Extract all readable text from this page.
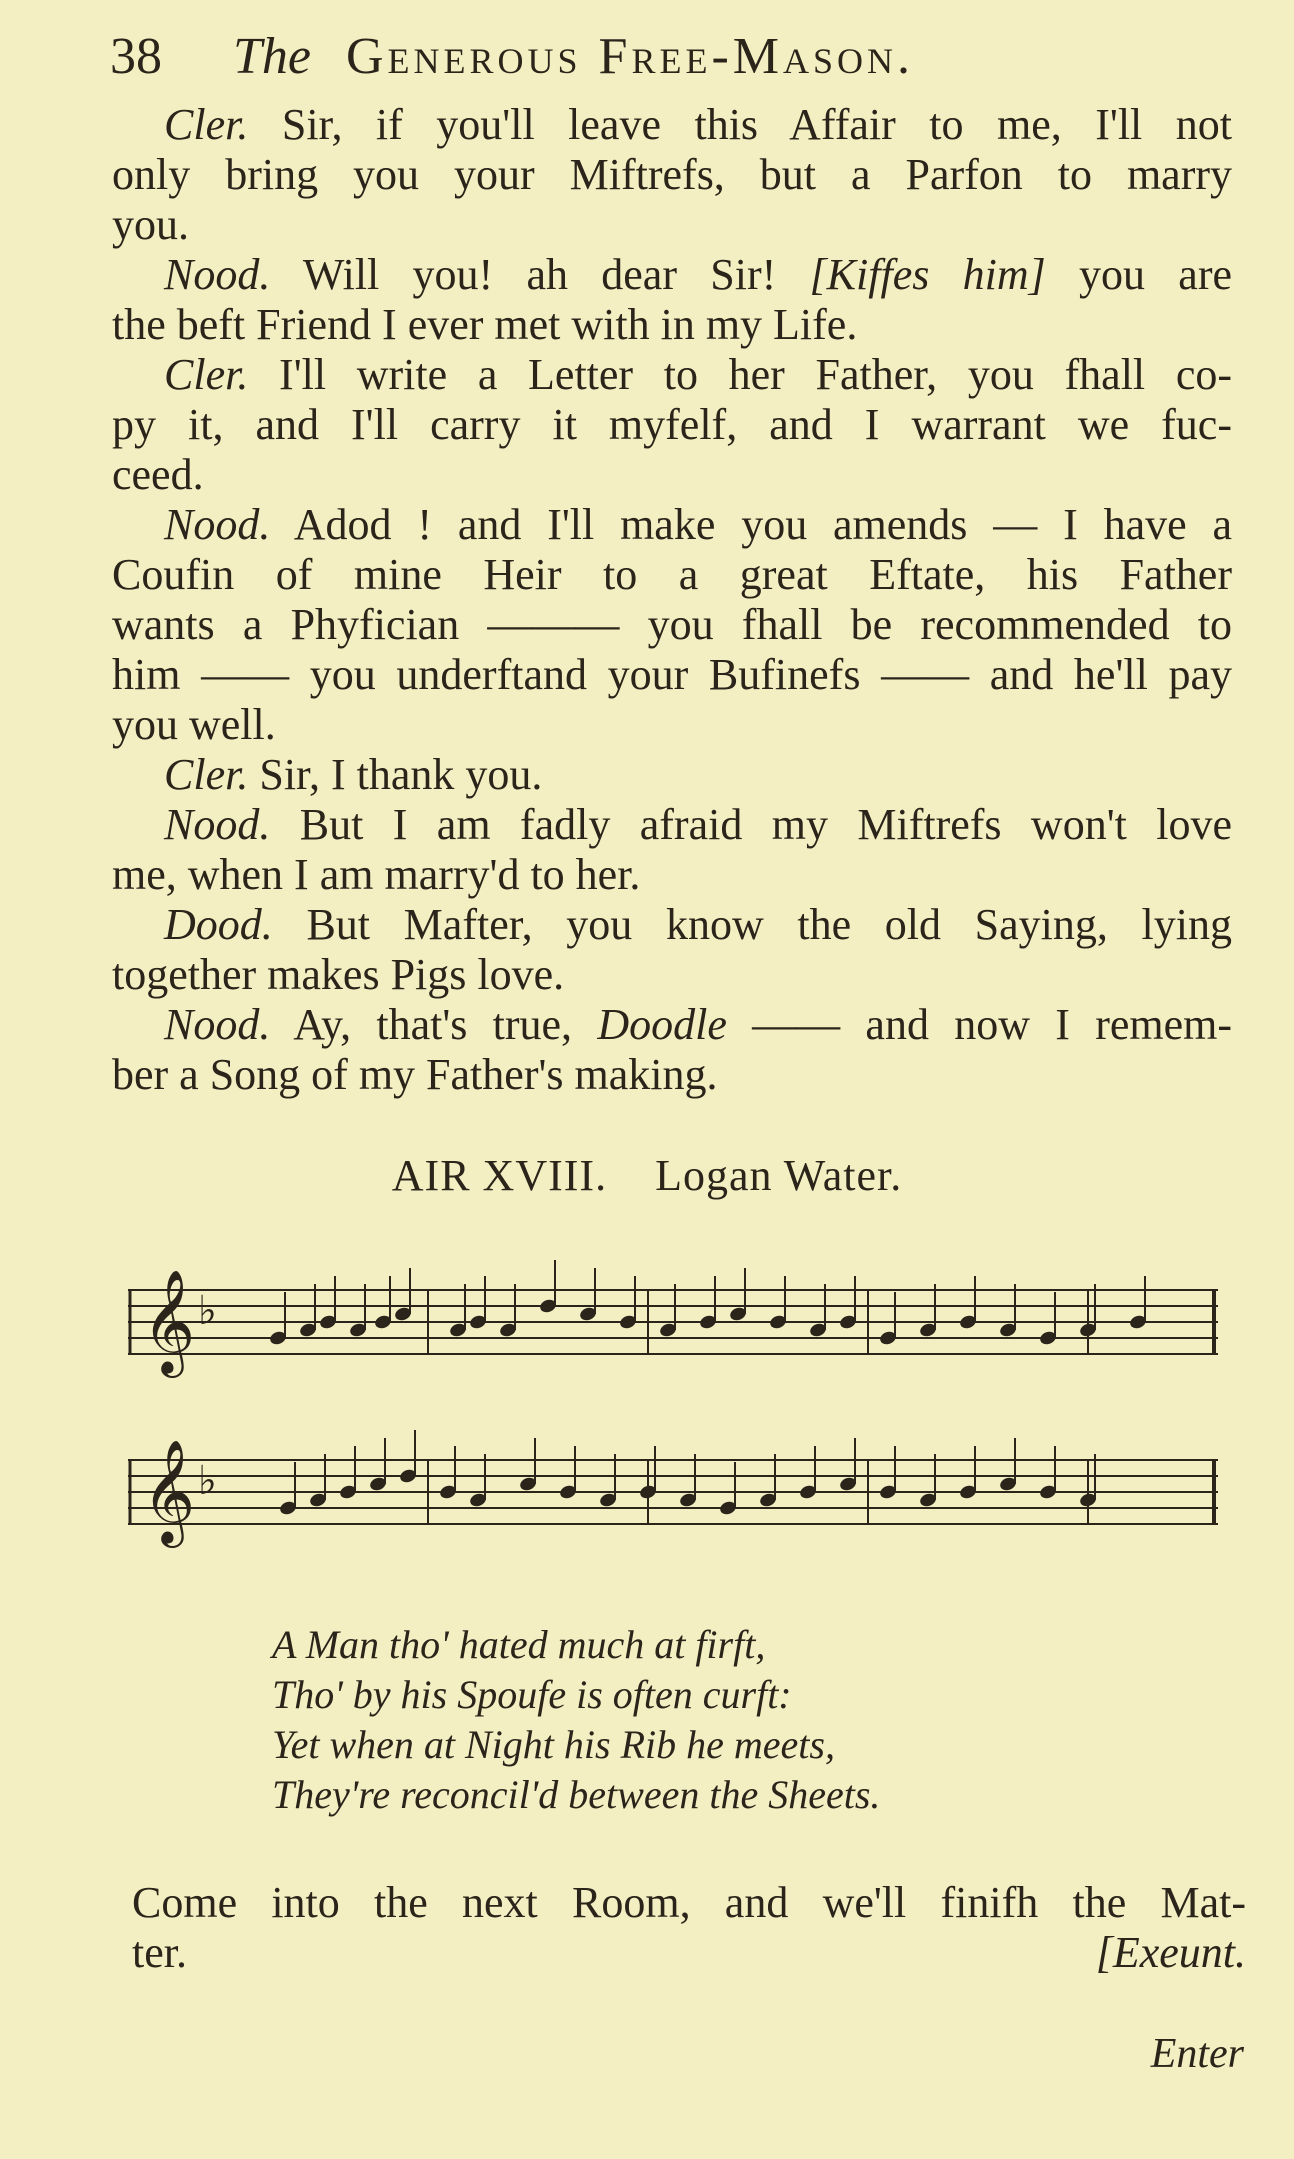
38 The Generous Free-Mason.
Cler. Sir, if you'll leave this Affair to me, I'll not
only bring you your Miftrefs, but a Parfon to marry
you.
Nood. Will you! ah dear Sir! [Kiffes him] you are
the beft Friend I ever met with in my Life.
Cler. I'll write a Letter to her Father, you fhall co-
py it, and I'll carry it myfelf, and I warrant we fuc-
ceed.
Nood. Adod ! and I'll make you amends — I have a
Coufin of mine Heir to a great Eftate, his Father
wants a Phyfician ——— you fhall be recommended to
him —— you underftand your Bufinefs —— and he'll pay
you well.
Cler. Sir, I thank you.
Nood. But I am fadly afraid my Miftrefs won't love
me, when I am marry'd to her.
Dood. But Mafter, you know the old Saying, lying
together makes Pigs love.
Nood. Ay, that's true, Doodle —— and now I remem-
ber a Song of my Father's making.
AIR XVIII. Logan Water.
𝄞 ♭
𝄞 ♭
A Man tho' hated much at firft,
Tho' by his Spoufe is often curft:
Yet when at Night his Rib he meets,
They're reconcil'd between the Sheets.
Come into the next Room, and we'll finifh the Mat-
ter.	[Exeunt.
Enter
